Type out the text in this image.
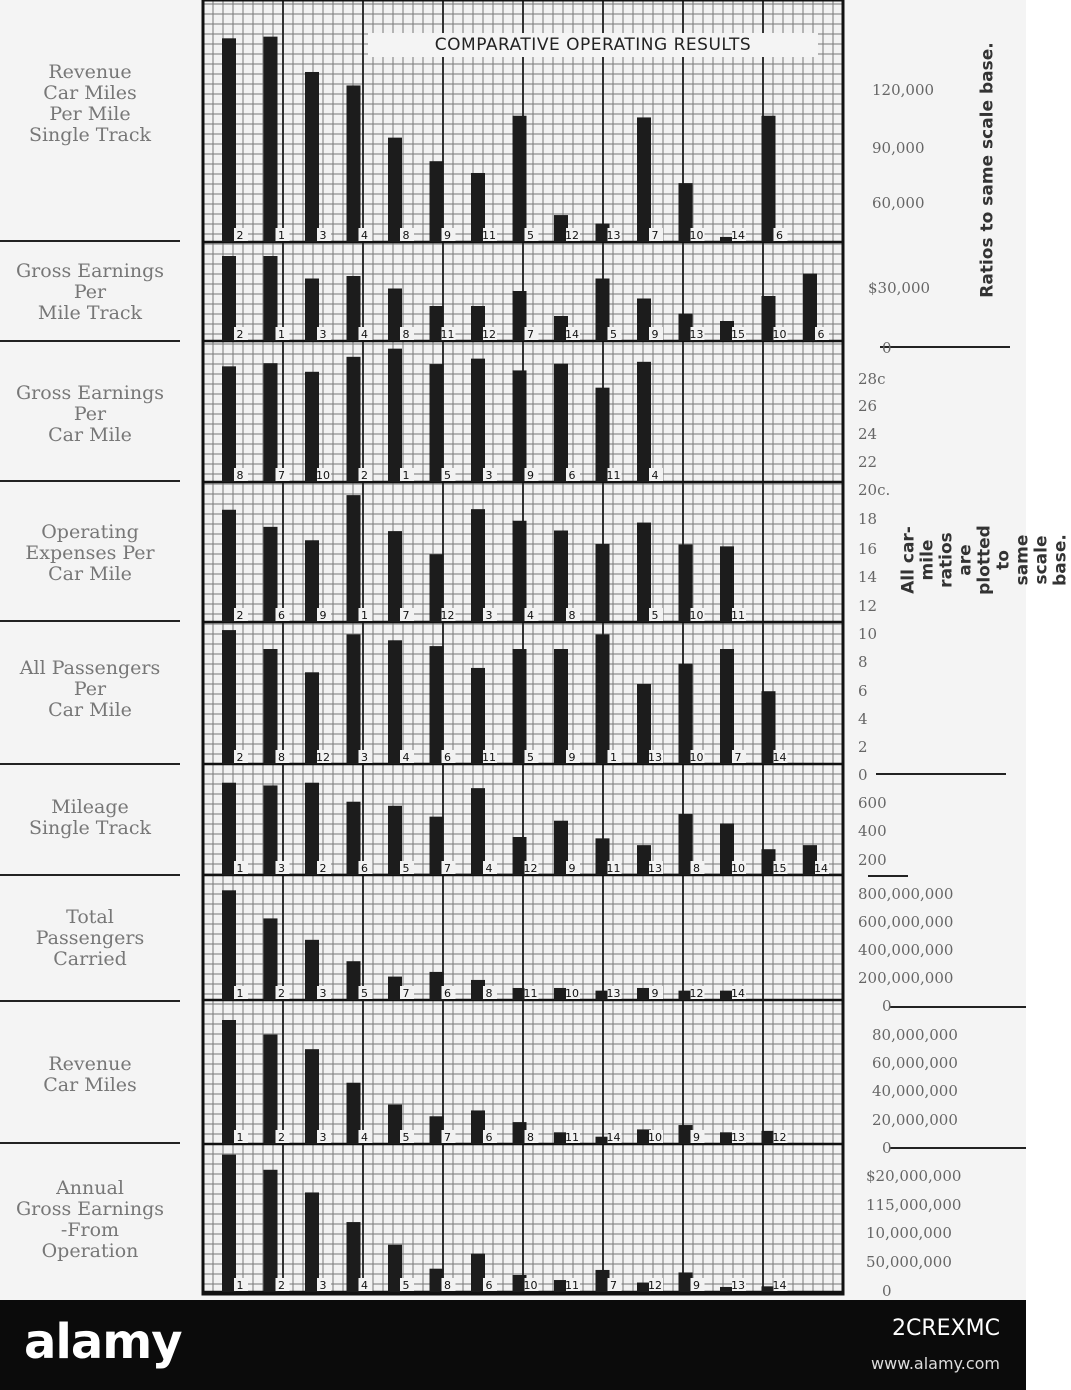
2	1	3	4	8	9	11	5	12	13	7	10	14	6
2	1	3	4	8	11	12	7	14	5	9	13	15	10	6
8	7	10	2	1	5	3	9	6	11	4
2	6	9	1	7	12	3	4	8	5	10	11
2	8	12	3	4	6	11	5	9	1	13	10	7	14
1	3	2	6	5	7	4	12	9	11	13	8	10	15	14
1	2	3	5	7	6	8	11	10	13	9	12	14
1	2	3	4	5	7	6	8	11	14	10	9	13	12
1	2	3	4	5	8	6	10	11	7	12	9	13	14
COMPARATIVE OPERATING RESULTS
Revenue
Car Miles
Per Mile
Single Track
Gross Earnings
Per
Mile Track
Gross Earnings
Per
Car Mile
Operating
Expenses Per
Car Mile
All Passengers
Per
Car Mile
Mileage
Single Track
Total
Passengers
Carried
Revenue
Car Miles
Annual
Gross Earnings
-From
Operation
120,000
90,000
60,000
$30,000
0
28c
26
24
22
20c.
18
16
14
12
10
8
6
4
2
0
600
400
200
800,000,000
600,000,000
400,000,000
200,000,000
0
80,000,000
60,000,000
40,000,000
20,000,000
0
$20,000,000
115,000,000
10,000,000
50,000,000
0
Ratios to same scale base.
All car-mile ratios are plotted to
same scale base.
alamy	2CREXMC
www.alamy.com
